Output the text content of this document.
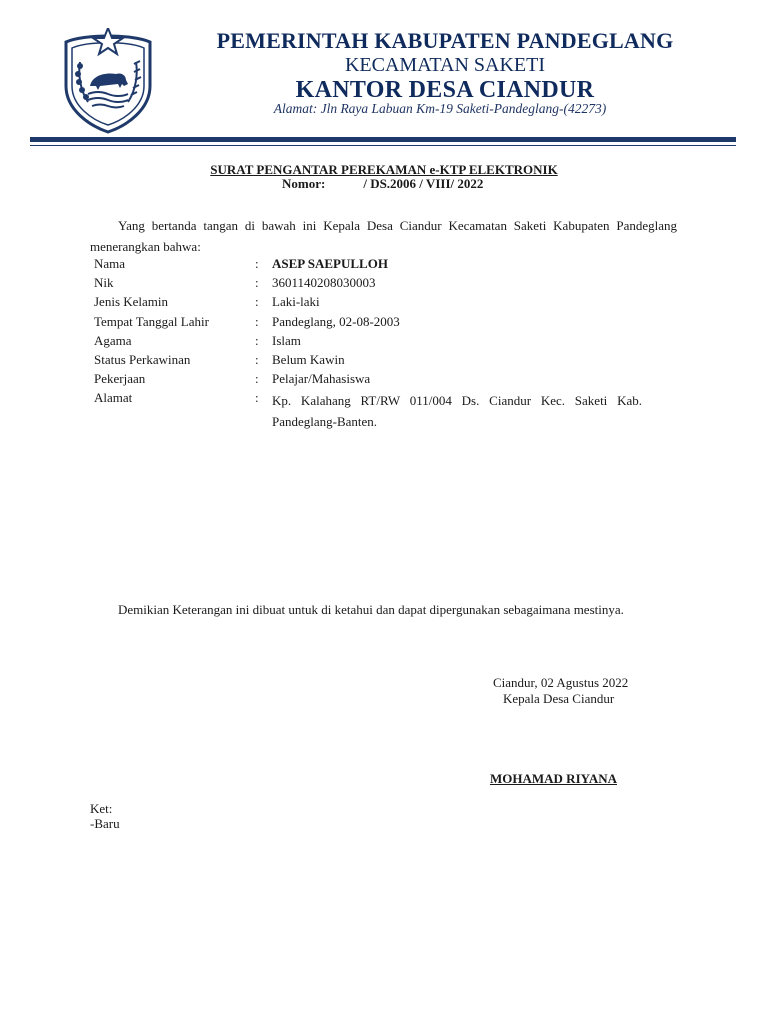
PEMERINTAH KABUPATEN PANDEGLANG
KECAMATAN SAKETI
KANTOR DESA CIANDUR
Alamat: Jln Raya Labuan Km-19 Saketi-Pandeglang-(42273)
SURAT PENGANTAR PEREKAMAN e-KTP ELEKTRONIK
Nomor:	/ DS.2006 / VIII/ 2022

Yang bertanda tangan di bawah ini Kepala Desa Ciandur Kecamatan Saketi Kabupaten Pandeglang menerangkan bahwa:

Nama	:	ASEP SAEPULLOH
Nik	:	3601140208030003
Jenis Kelamin	:	Laki-laki
Tempat Tanggal Lahir	:	Pandeglang, 02-08-2003
Agama	:	Islam
Status Perkawinan	:	Belum Kawin
Pekerjaan	:	Pelajar/Mahasiswa
Alamat	:	Kp. Kalahang RT/RW 011/004 Ds. Ciandur Kec. Saketi Kab. Pandeglang-Banten.

Demikian Keterangan ini dibuat untuk di ketahui dan dapat dipergunakan sebagaimana mestinya.

Ciandur, 02 Agustus 2022
Kepala Desa Ciandur
MOHAMAD RIYANA
Ket:
-Baru
